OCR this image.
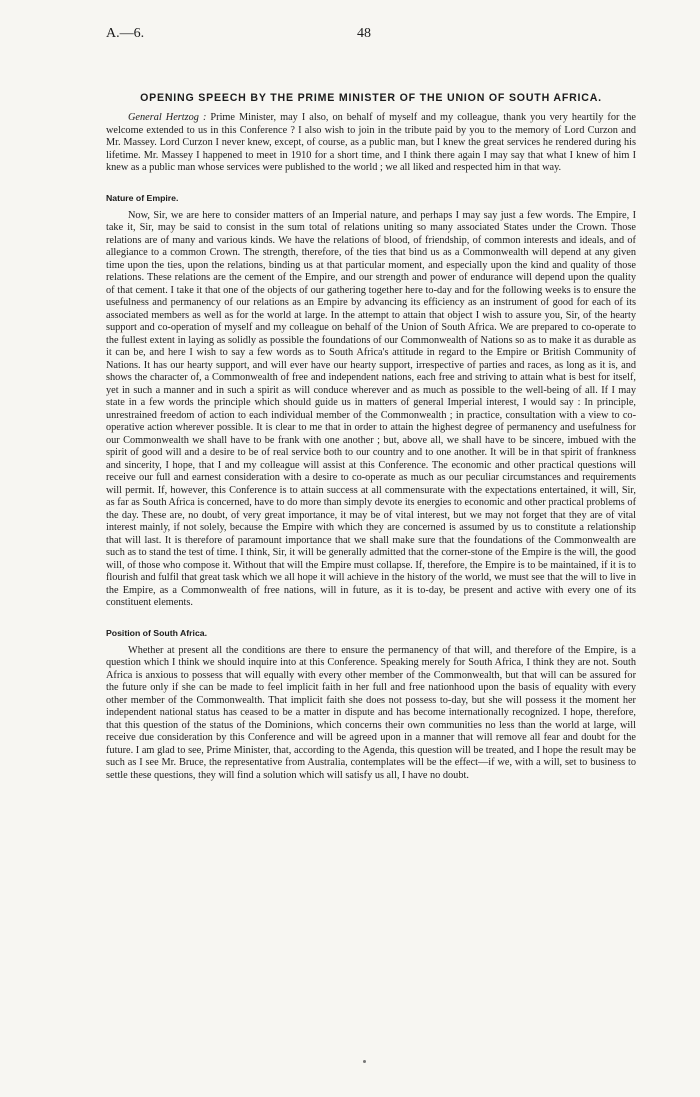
A.—6.	48
OPENING SPEECH BY THE PRIME MINISTER OF THE UNION OF SOUTH AFRICA.

General Hertzog : Prime Minister, may I also, on behalf of myself and my colleague, thank you very heartily for the welcome extended to us in this Conference ? I also wish to join in the tribute paid by you to the memory of Lord Curzon and Mr. Massey. Lord Curzon I never knew, except, of course, as a public man, but I knew the great services he rendered during his lifetime. Mr. Massey I happened to meet in 1910 for a short time, and I think there again I may say that what I knew of him I knew as a public man whose services were published to the world ; we all liked and respected him in that way.

Nature of Empire.

Now, Sir, we are here to consider matters of an Imperial nature, and perhaps I may say just a few words. The Empire, I take it, Sir, may be said to consist in the sum total of relations uniting so many associated States under the Crown. Those relations are of many and various kinds. We have the relations of blood, of friendship, of common interests and ideals, and of allegiance to a common Crown. The strength, therefore, of the ties that bind us as a Commonwealth will depend at any given time upon the ties, upon the relations, binding us at that particular moment, and especially upon the kind and quality of those relations. These relations are the cement of the Empire, and our strength and power of endurance will depend upon the quality of that cement. I take it that one of the objects of our gathering together here to-day and for the following weeks is to ensure the usefulness and permanency of our relations as an Empire by advancing its efficiency as an instrument of good for each of its associated members as well as for the world at large. In the attempt to attain that object I wish to assure you, Sir, of the hearty support and co-operation of myself and my colleague on behalf of the Union of South Africa. We are prepared to co-operate to the fullest extent in laying as solidly as possible the foundations of our Commonwealth of Nations so as to make it as durable as it can be, and here I wish to say a few words as to South Africa's attitude in regard to the Empire or British Community of Nations. It has our hearty support, and will ever have our hearty support, irrespective of parties and races, as long as it is, and shows the character of, a Commonwealth of free and independent nations, each free and striving to attain what is best for itself, yet in such a manner and in such a spirit as will conduce wherever and as much as possible to the well-being of all. If I may state in a few words the principle which should guide us in matters of general Imperial interest, I would say : In principle, unrestrained freedom of action to each individual member of the Commonwealth ; in practice, consultation with a view to co-operative action wherever possible. It is clear to me that in order to attain the highest degree of permanency and usefulness for our Commonwealth we shall have to be frank with one another ; but, above all, we shall have to be sincere, imbued with the spirit of good will and a desire to be of real service both to our country and to one another. It will be in that spirit of frankness and sincerity, I hope, that I and my colleague will assist at this Conference. The economic and other practical questions will receive our full and earnest consideration with a desire to co-operate as much as our peculiar circumstances and requirements will permit. If, however, this Conference is to attain success at all commensurate with the expectations entertained, it will, Sir, as far as South Africa is concerned, have to do more than simply devote its energies to economic and other practical problems of the day. These are, no doubt, of very great importance, it may be of vital interest, but we may not forget that they are of vital interest mainly, if not solely, because the Empire with which they are concerned is assumed by us to constitute a relationship that will last. It is therefore of paramount importance that we shall make sure that the foundations of the Commonwealth are such as to stand the test of time. I think, Sir, it will be generally admitted that the corner-stone of the Empire is the will, the good will, of those who compose it. Without that will the Empire must collapse. If, therefore, the Empire is to be maintained, if it is to flourish and fulfil that great task which we all hope it will achieve in the history of the world, we must see that the will to live in the Empire, as a Commonwealth of free nations, will in future, as it is to-day, be present and active with every one of its constituent elements.

Position of South Africa.

Whether at present all the conditions are there to ensure the permanency of that will, and therefore of the Empire, is a question which I think we should inquire into at this Conference. Speaking merely for South Africa, I think they are not. South Africa is anxious to possess that will equally with every other member of the Commonwealth, but that will can be assured for the future only if she can be made to feel implicit faith in her full and free nationhood upon the basis of equality with every other member of the Commonwealth. That implicit faith she does not possess to-day, but she will possess it the moment her independent national status has ceased to be a matter in dispute and has become internationally recognized. I hope, therefore, that this question of the status of the Dominions, which concerns their own communities no less than the world at large, will receive due consideration by this Conference and will be agreed upon in a manner that will remove all fear and doubt for the future. I am glad to see, Prime Minister, that, according to the Agenda, this question will be treated, and I hope the result may be such as I see Mr. Bruce, the representative from Australia, contemplates will be the effect—if we, with a will, set to business to settle these questions, they will find a solution which will satisfy us all, I have no doubt.
